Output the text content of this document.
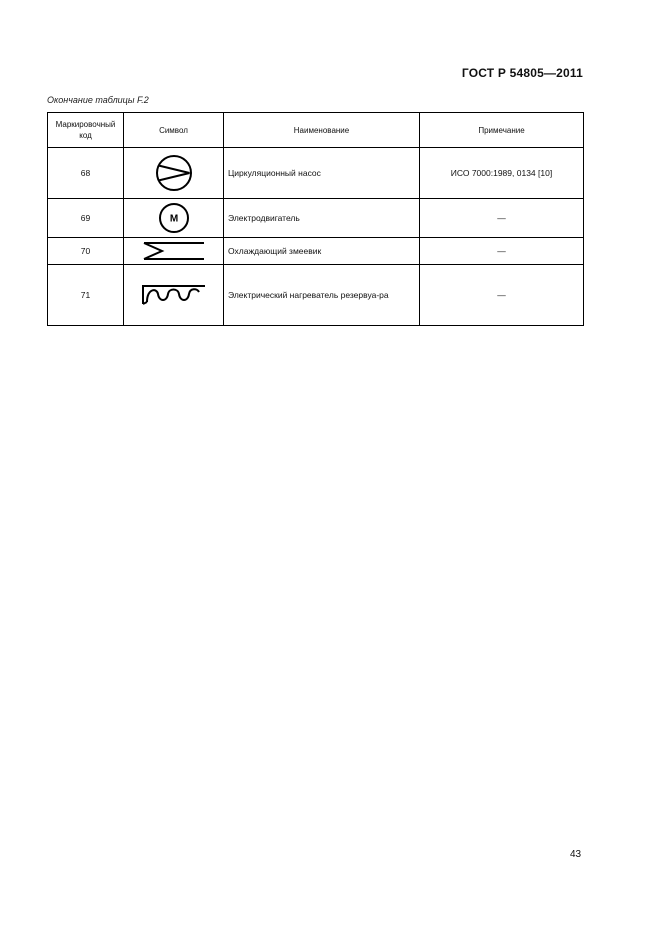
ГОСТ Р 54805—2011
Окончание таблицы F.2
Маркировочный код	Символ	Наименование	Примечание
68		Циркуляционный насос	ИСО 7000:1989, 0134 [10]
69	M	Электродвигатель	—
70		Охлаждающий змеевик	—
71		Электрический нагреватель резервуа-ра	—
43
